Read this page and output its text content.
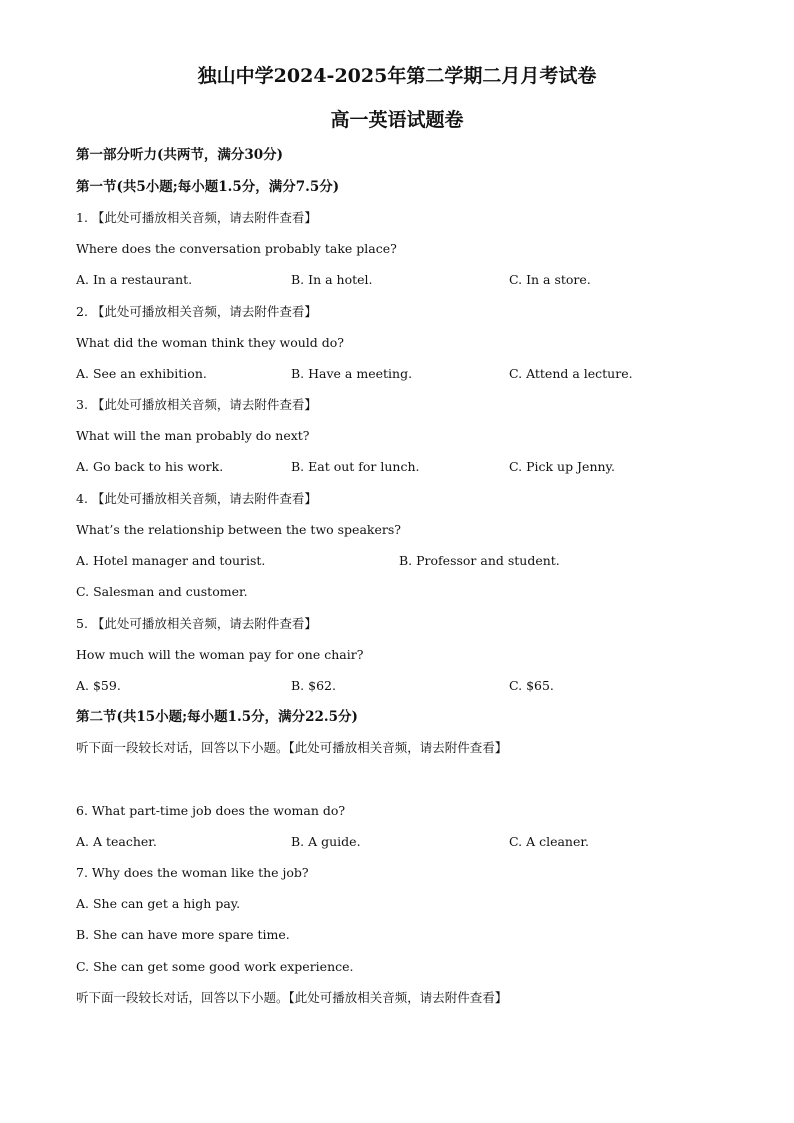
独山中学2024-2025年第二学期二月月考试卷
高一英语试题卷
第一部分听力(共两节，满分30分)
第一节(共5小题;每小题1.5分，满分7.5分)
1. 【此处可播放相关音频，请去附件查看】
Where does the conversation probably take place?
A. In a restaurant.	B. In a hotel.	C. In a store.
2. 【此处可播放相关音频，请去附件查看】
What did the woman think they would do?
A. See an exhibition.	B. Have a meeting.	C. Attend a lecture.
3. 【此处可播放相关音频，请去附件查看】
What will the man probably do next?
A. Go back to his work.	B. Eat out for lunch.	C. Pick up Jenny.
4. 【此处可播放相关音频，请去附件查看】
What’s the relationship between the two speakers?
A. Hotel manager and tourist.	B. Professor and student.
C. Salesman and customer.
5. 【此处可播放相关音频，请去附件查看】
How much will the woman pay for one chair?
A. $59.	B. $62.	C. $65.
第二节(共15小题;每小题1.5分，满分22.5分)
听下面一段较长对话，回答以下小题。【此处可播放相关音频，请去附件查看】
6. What part-time job does the woman do?
A. A teacher.	B. A guide.	C. A cleaner.
7. Why does the woman like the job?
A. She can get a high pay.
B. She can have more spare time.
C. She can get some good work experience.
听下面一段较长对话，回答以下小题。【此处可播放相关音频，请去附件查看】
